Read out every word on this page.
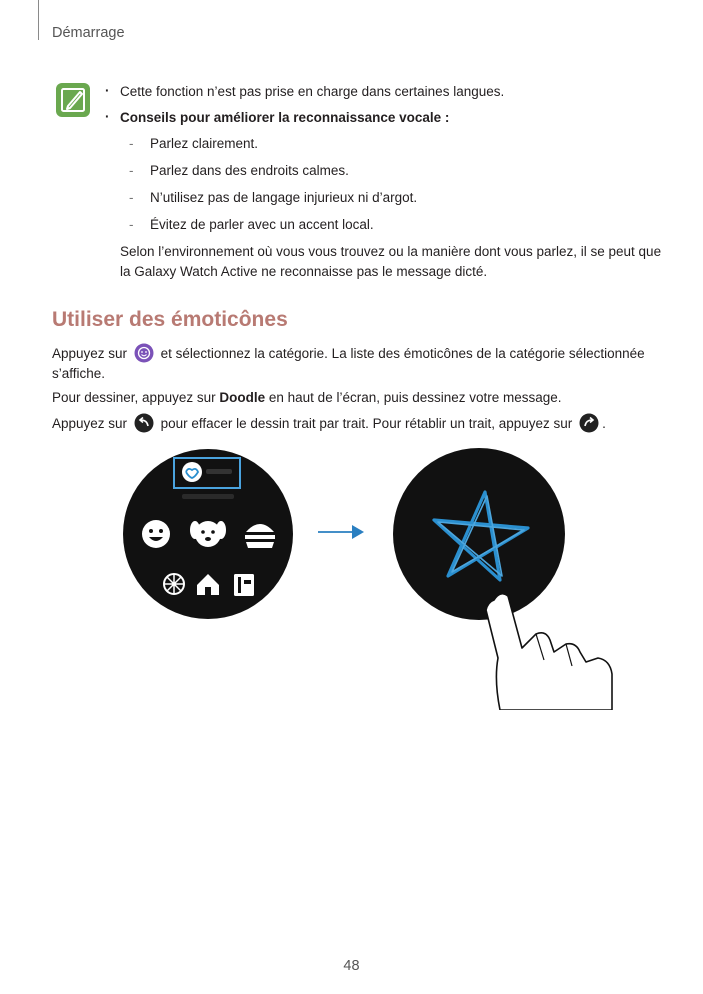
Démarrage
· Cette fonction n’est pas prise en charge dans certaines langues.
· Conseils pour améliorer la reconnaissance vocale :
- Parlez clairement.
- Parlez dans des endroits calmes.
- N’utilisez pas de langage injurieux ni d’argot.
- Évitez de parler avec un accent local.
Selon l’environnement où vous vous trouvez ou la manière dont vous parlez, il se peut que la Galaxy Watch Active ne reconnaisse pas le message dicté.
Utiliser des émoticônes
Appuyez sur et sélectionnez la catégorie. La liste des émoticônes de la catégorie sélectionnée s’affiche.
Pour dessiner, appuyez sur Doodle en haut de l’écran, puis dessinez votre message.
Appuyez sur pour effacer le dessin trait par trait. Pour rétablir un trait, appuyez sur .
48
